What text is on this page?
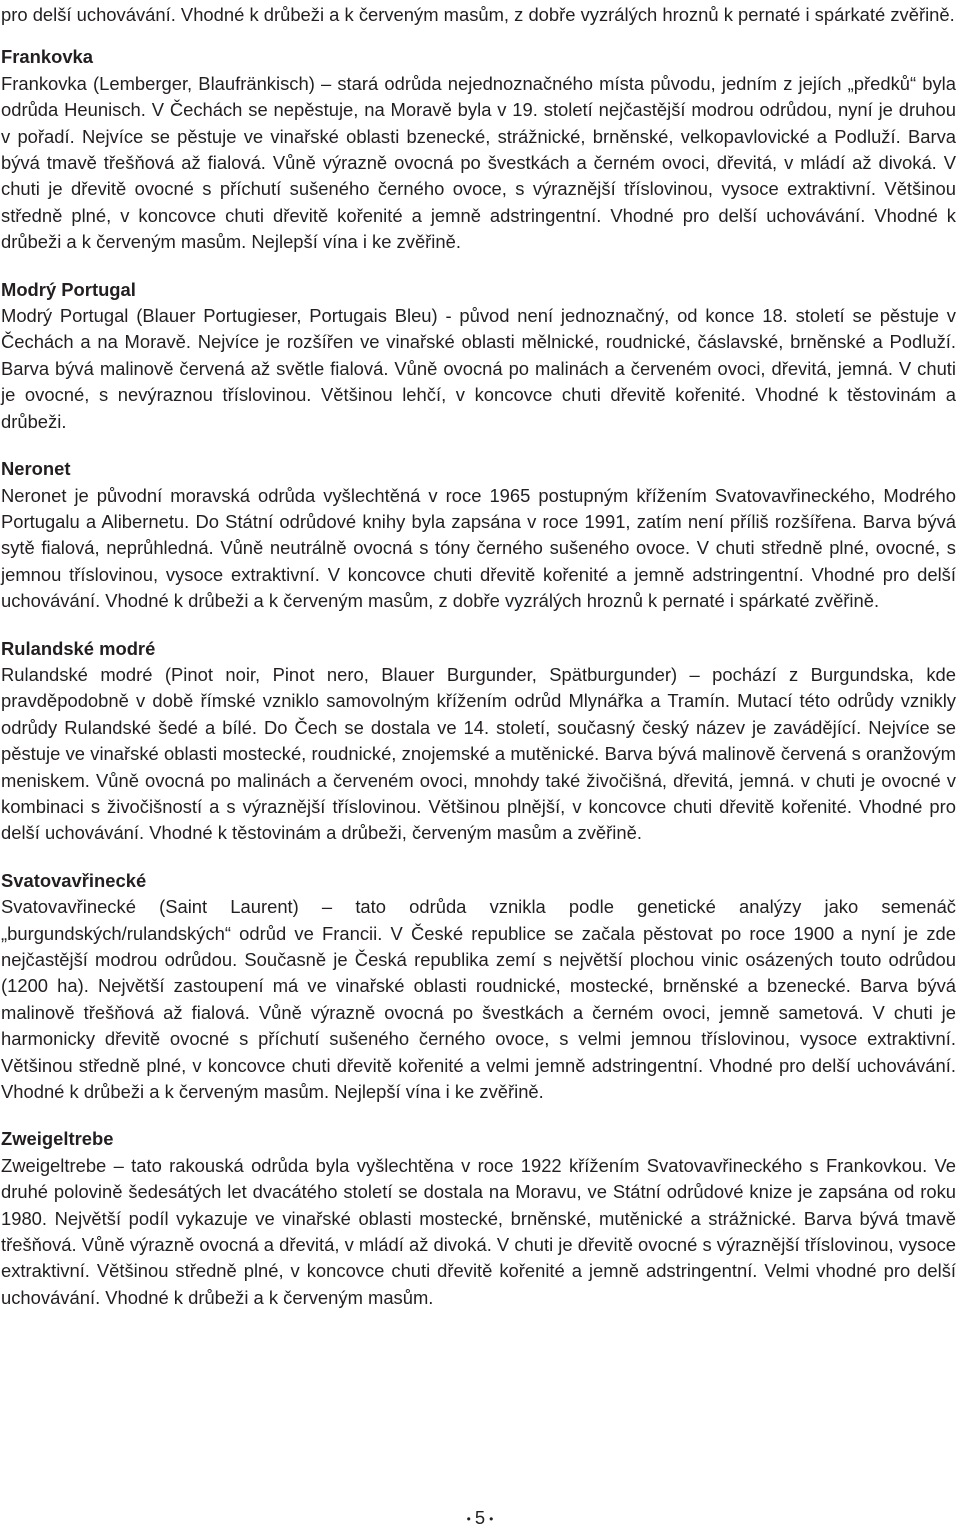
pro delší uchovávání. Vhodné k drůbeži a k červeným masům, z dobře vyzrálých hroznů k pernaté i spárkaté zvěřině.

Frankovka

Frankovka (Lemberger, Blaufränkisch) – stará odrůda nejednoznačného místa původu, jedním z jejích „předků“ byla odrůda Heunisch. V Čechách se nepěstuje, na Moravě byla v 19. století nejčastější modrou odrůdou, nyní je druhou v pořadí. Nejvíce se pěstuje ve vinařské oblasti bzenecké, strážnické, brněnské, velkopavlovické a Podluží. Barva bývá tmavě třešňová až fialová. Vůně výrazně ovocná po švestkách a černém ovoci, dřevitá, v mládí až divoká. V chuti je dřevitě ovocné s příchutí sušeného černého ovoce, s výraznější tříslovinou, vysoce extraktivní. Většinou středně plné, v koncovce chuti dřevitě kořenité a jemně adstringentní. Vhodné pro delší uchovávání. Vhodné k drůbeži a k červeným masům. Nejlepší vína i ke zvěřině.

Modrý Portugal

Modrý Portugal (Blauer Portugieser, Portugais Bleu) - původ není jednoznačný, od konce 18. století se pěstuje v Čechách a na Moravě. Nejvíce je rozšířen ve vinařské oblasti mělnické, roudnické, čáslavské, brněnské a Podluží. Barva bývá malinově červená až světle fialová. Vůně ovocná po malinách a červeném ovoci, dřevitá, jemná. V chuti je ovocné, s nevýraznou tříslovinou. Většinou lehčí, v koncovce chuti dřevitě kořenité. Vhodné k těstovinám a drůbeži.

Neronet

Neronet je původní moravská odrůda vyšlechtěná v roce 1965 postupným křížením Svatovavřineckého, Modrého Portugalu a Alibernetu. Do Státní odrůdové knihy byla zapsána v roce 1991, zatím není příliš rozšířena. Barva bývá sytě fialová, neprůhledná. Vůně neutrálně ovocná s tóny černého sušeného ovoce. V chuti středně plné, ovocné, s jemnou tříslovinou, vysoce extraktivní. V koncovce chuti dřevitě kořenité a jemně adstringentní. Vhodné pro delší uchovávání. Vhodné k drůbeži a k červeným masům, z dobře vyzrálých hroznů k pernaté i spárkaté zvěřině.

Rulandské modré

Rulandské modré (Pinot noir, Pinot nero, Blauer Burgunder, Spätburgunder) – pochází z Burgundska, kde pravděpodobně v době římské vzniklo samovolným křížením odrůd Mlynářka a Tramín. Mutací této odrůdy vznikly odrůdy Rulandské šedé a bílé. Do Čech se dostala ve 14. století, současný český název je zavádějící. Nejvíce se pěstuje ve vinařské oblasti mostecké, roudnické, znojemské a mutěnické. Barva bývá malinově červená s oranžovým meniskem. Vůně ovocná po malinách a červeném ovoci, mnohdy také živočišná, dřevitá, jemná. v chuti je ovocné v kombinaci s živočišností a s výraznější tříslovinou. Většinou plnější, v koncovce chuti dřevitě kořenité. Vhodné pro delší uchovávání. Vhodné k těstovinám a drůbeži, červeným masům a zvěřině.

Svatovavřinecké

Svatovavřinecké (Saint Laurent) – tato odrůda vznikla podle genetické analýzy jako semenáč „burgundských/rulandských“ odrůd ve Francii. V České republice se začala pěstovat po roce 1900 a nyní je zde nejčastější modrou odrůdou. Současně je Česká republika zemí s největší plochou vinic osázených touto odrůdou (1200 ha). Největší zastoupení má ve vinařské oblasti roudnické, mostecké, brněnské a bzenecké. Barva bývá malinově třešňová až fialová. Vůně výrazně ovocná po švestkách a černém ovoci, jemně sametová. V chuti je harmonicky dřevitě ovocné s příchutí sušeného černého ovoce, s velmi jemnou tříslovinou, vysoce extraktivní. Většinou středně plné, v koncovce chuti dřevitě kořenité a velmi jemně adstringentní. Vhodné pro delší uchovávání. Vhodné k drůbeži a k červeným masům. Nejlepší vína i ke zvěřině.

Zweigeltrebe

Zweigeltrebe – tato rakouská odrůda byla vyšlechtěna v roce 1922 křížením Svatovavřineckého s Frankovkou. Ve druhé polovině šedesátých let dvacátého století se dostala na Moravu, ve Státní odrůdové knize je zapsána od roku 1980. Největší podíl vykazuje ve vinařské oblasti mostecké, brněnské, mutěnické a strážnické. Barva bývá tmavě třešňová. Vůně výrazně ovocná a dřevitá, v mládí až divoká. V chuti je dřevitě ovocné s výraznější tříslovinou, vysoce extraktivní. Většinou středně plné, v koncovce chuti dřevitě kořenité a jemně adstringentní. Velmi vhodné pro delší uchovávání. Vhodné k drůbeži a k červeným masům.

• 5 •
